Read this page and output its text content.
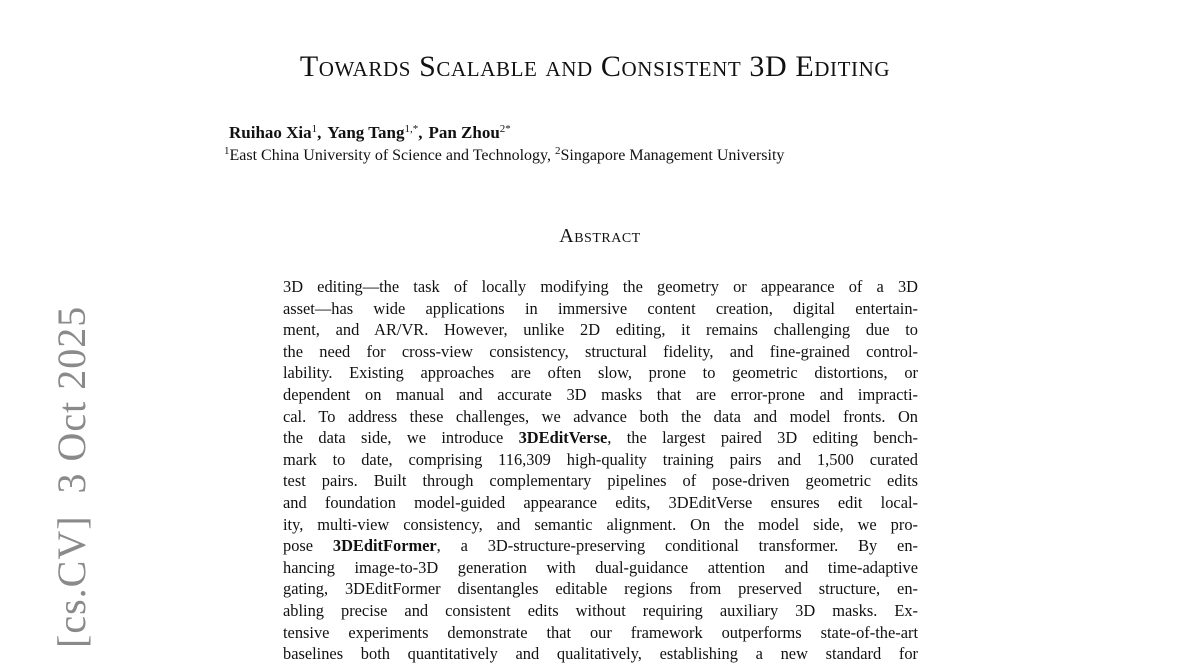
[cs.CV]3 Oct 2025
Towards Scalable and Consistent 3D Editing
Ruihao Xia$^1$, Yang Tang$^{1,*}$, Pan Zhou$^{2*}$
$^1$East China University of Science and Technology, $^2$Singapore Management University
Abstract
3D editing—the task of locally modifying the geometry or appearance of a 3D
asset—has wide applications in immersive content creation, digital entertain-
ment, and AR/VR. However, unlike 2D editing, it remains challenging due to
the need for cross-view consistency, structural fidelity, and fine-grained control-
lability. Existing approaches are often slow, prone to geometric distortions, or
dependent on manual and accurate 3D masks that are error-prone and impracti-
cal. To address these challenges, we advance both the data and model fronts. On
the data side, we introduce 3DEditVerse, the largest paired 3D editing bench-
mark to date, comprising 116,309 high-quality training pairs and 1,500 curated
test pairs. Built through complementary pipelines of pose-driven geometric edits
and foundation model-guided appearance edits, 3DEditVerse ensures edit local-
ity, multi-view consistency, and semantic alignment. On the model side, we pro-
pose 3DEditFormer, a 3D-structure-preserving conditional transformer. By en-
hancing image-to-3D generation with dual-guidance attention and time-adaptive
gating, 3DEditFormer disentangles editable regions from preserved structure, en-
abling precise and consistent edits without requiring auxiliary 3D masks. Ex-
tensive experiments demonstrate that our framework outperforms state-of-the-art
baselines both quantitatively and qualitatively, establishing a new standard for
